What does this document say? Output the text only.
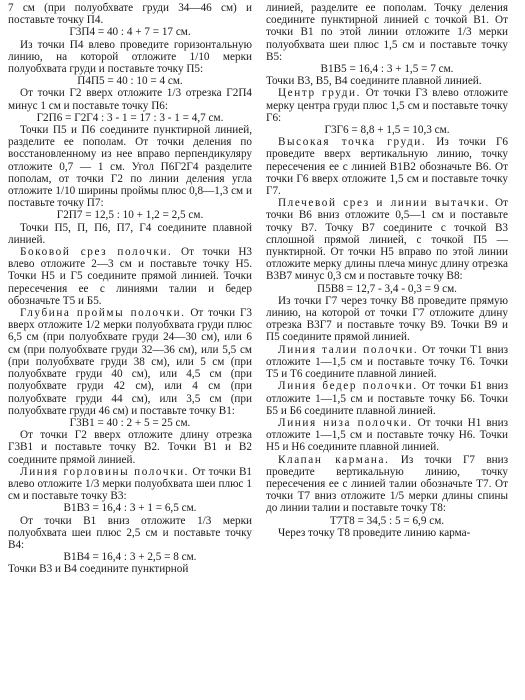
7 см (при полуобхвате груди 34—46 см) и поставьте точку П4.

Г3П4 = 40 : 4 + 7 = 17 см.

Из точки П4 влево проведите горизонтальную линию, на которой отложите 1/10 мерки полуобхвата груди и поставьте точку П5:

П4П5 = 40 : 10 = 4 см.

От точки Г2 вверх отложите 1/3 отрезка Г2П4 минус 1 см и поставьте точку П6:

Г2П6 = Г2Г4 : 3 - 1 = 17 : 3 - 1 = 4,7 см.

Точки П5 и П6 соедините пунктирной линией, разделите ее пополам. От точки деления по восстановленному из нее вправо перпендикуляру отложите 0,7 — 1 см. Угол П6Г2Г4 разделите пополам, от точки Г2 по линии деления угла отложите 1/10 ширины проймы плюс 0,8—1,3 см и поставьте точку П7:

Г2П7 = 12,5 : 10 + 1,2 = 2,5 см.

Точки П5, П, П6, П7, Г4 соедините плавной линией.

Боковой срез полочки. От точки Н3 влево отложите 2—3 см и поставьте точку Н5. Точки Н5 и Г5 соедините прямой линией. Точки пересечения ее с линиями талии и бедер обозначьте Т5 и Б5.

Глубина проймы полочки. От точки Г3 вверх отложите 1/2 мерки полуобхвата груди плюс 6,5 см (при полуобхвате груди 24—30 см), или 6 см (при полуобхвате груди 32—36 см), или 5,5 см (при полуобхвате груди 38 см), или 5 см (при полуобхвате груди 40 см), или 4,5 см (при полуобхвате груди 42 см), или 4 см (при полуобхвате груди 44 см), или 3,5 см (при полуобхвате груди 46 см) и поставьте точку В1:

Г3В1 = 40 : 2 + 5 = 25 см.

От точки Г2 вверх отложите длину отрезка Г3В1 и поставьте точку В2. Точки В1 и В2 соедините прямой линией.

Линия горловины полочки. От точки В1 влево отложите 1/3 мерки полуобхвата шеи плюс 1 см и поставьте точку В3:

В1В3 = 16,4 : 3 + 1 = 6,5 см.

От точки В1 вниз отложите 1/3 мерки полуобхвата шеи плюс 2,5 см и поставьте точку В4:

В1В4 = 16,4 : 3 + 2,5 = 8 см.

Точки В3 и В4 соедините пунктирной

линией, разделите ее пополам. Точку деления соедините пунктирной линией с точкой В1. От точки В1 по этой линии отложите 1/3 мерки полуобхвата шеи плюс 1,5 см и поставьте точку В5:

В1В5 = 16,4 : 3 + 1,5 = 7 см.

Точки В3, В5, В4 соедините плавной линией.

Центр груди. От точки Г3 влево отложите мерку центра груди плюс 1,5 см и поставьте точку Г6:

Г3Г6 = 8,8 + 1,5 = 10,3 см.

Высокая точка груди. Из точки Г6 проведите вверх вертикальную линию, точку пересечения ее с линией В1В2 обозначьте В6. От точки Г6 вверх отложите 1,5 см и поставьте точку Г7.

Плечевой срез и линии вытачки. От точки В6 вниз отложите 0,5—1 см и поставьте точку В7. Точку В7 соедините с точкой В3 сплошной прямой линией, с точкой П5 — пунктирной. От точки Н5 вправо по этой линии отложите мерку длины плеча минус длину отрезка В3В7 минус 0,3 см и поставьте точку В8:

П5В8 = 12,7 - 3,4 - 0,3 = 9 см.

Из точки Г7 через точку В8 проведите прямую линию, на которой от точки Г7 отложите длину отрезка В3Г7 и поставьте точку В9. Точки В9 и П5 соедините прямой линией.

Линия талии полочки. От точки Т1 вниз отложите 1—1,5 см и поставьте точку Т6. Точки Т5 и Т6 соедините плавной линией.

Линия бедер полочки. От точки Б1 вниз отложите 1—1,5 см и поставьте точку Б6. Точки Б5 и Б6 соедините плавной линией.

Линия низа полочки. От точки Н1 вниз отложите 1—1,5 см и поставьте точку Н6. Точки Н5 и Н6 соедините плавной линией.

Клапан кармана. Из точки Г7 вниз проведите вертикальную линию, точку пересечения ее с линией талии обозначьте Т7. От точки Т7 вниз отложите 1/5 мерки длины спины до линии талии и поставьте точку Т8:

Т7Т8 = 34,5 : 5 = 6,9 см.

Через точку Т8 проведите линию карма-
